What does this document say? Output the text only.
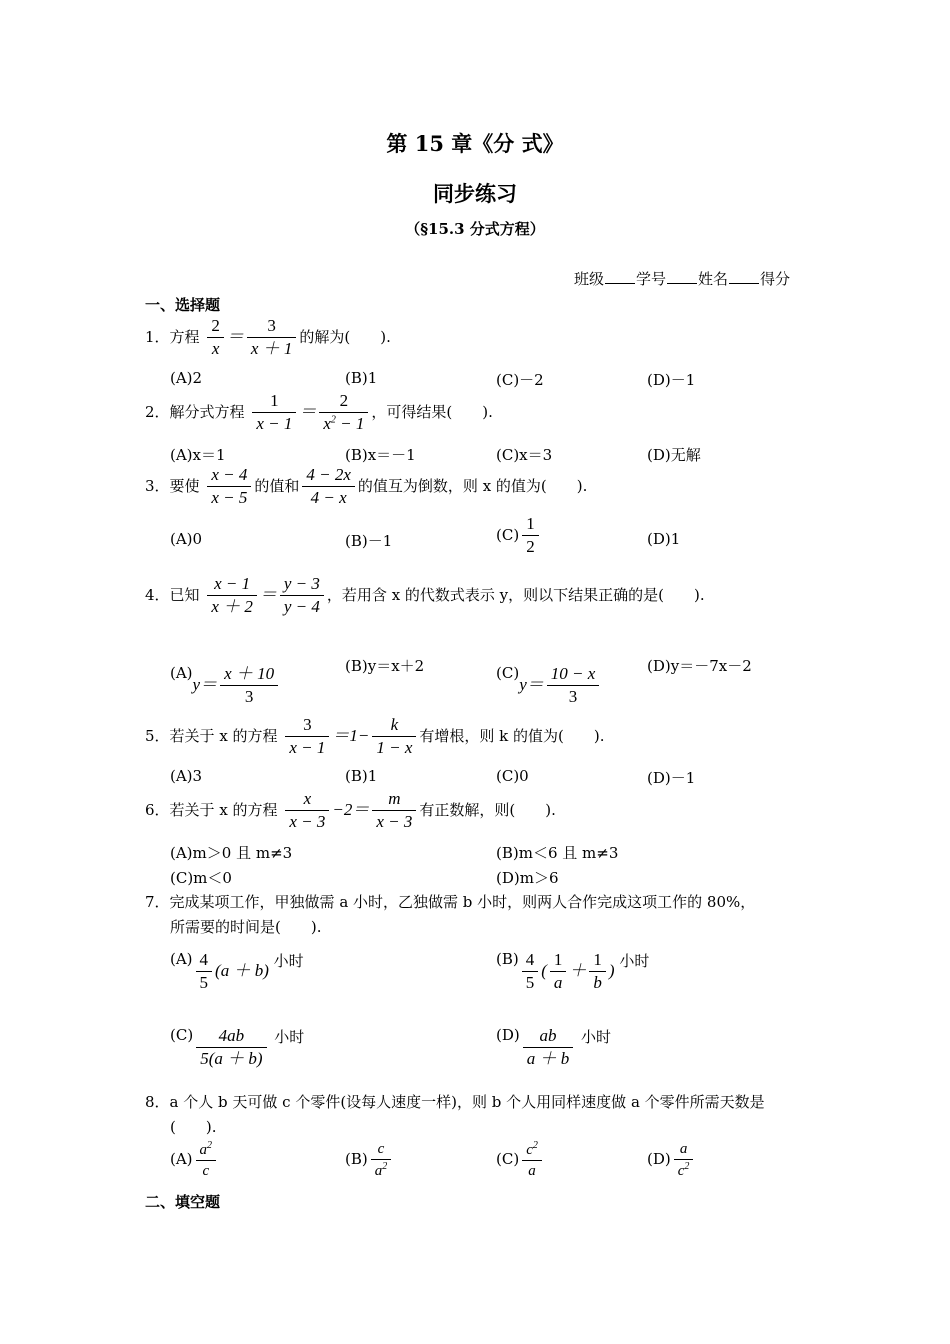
第 15 章《分 式》
同步练习
（§15.3 分式方程）
班级 学号 姓名 得分
一、选择题
1．方程 $\frac{2}{x} = \frac{3}{x + 1}$ 的解为(　　).
(A)2	(B)1	(C)－2	(D)－1
2．解分式方程 $\frac{1}{x - 1} = \frac{2}{x^2 - 1}$ ，可得结果(　　).
(A)x＝1	(B)x＝－1	(C)x＝3	(D)无解
3．要使 $\frac{x - 4}{x - 5}$ 的值和 $\frac{4 - 2x}{4 - x}$ 的值互为倒数，则 x 的值为(　　).
(A)0	(B)－1	$(C) \frac{1}{2}$	(D)1
4．已知 $\frac{x - 1}{x + 2} = \frac{y - 3}{y - 4}$ ，若用含 x 的代数式表示 y，则以下结果正确的是(　　).
$(A)y= \frac{x + 10}{3}$	(B)y＝x＋2	$(C)y= \frac{10 - x}{3}$	(D)y＝－7x－2
5．若关于 x 的方程 $\frac{3}{x - 1} =1- \frac{k}{1 - x}$ 有增根，则 k 的值为(　　).
(A)3	(B)1	(C)0	(D)－1
6．若关于 x 的方程 $\frac{x}{x - 3} -2= \frac{m}{x - 3}$ 有正数解，则(　　).
(A)m＞0 且 m≠3	(B)m＜6 且 m≠3
(C)m＜0	(D)m＞6
7．完成某项工作，甲独做需 a 小时，乙独做需 b 小时，则两人合作完成这项工作的 80%，
所需要的时间是(　　).
$(A) \frac{4}{5} (a + b)$ 小时	$(B) \frac{4}{5}$ ( $\frac{1}{a} + \frac{1}{b}$ ) 小时
$(C) \frac{4ab}{5(a + b)}$ 小时	$(D) \frac{ab}{a + b}$ 小时
8．a 个人 b 天可做 c 个零件(设每人速度一样)，则 b 个人用同样速度做 a 个零件所需天数是
(　　).
$(A) \frac{a^2}{c}$	$(B) \frac{c}{a^2}$	$(C) \frac{c^2}{a}$	$(D) \frac{a}{c^2}$
二、填空题
